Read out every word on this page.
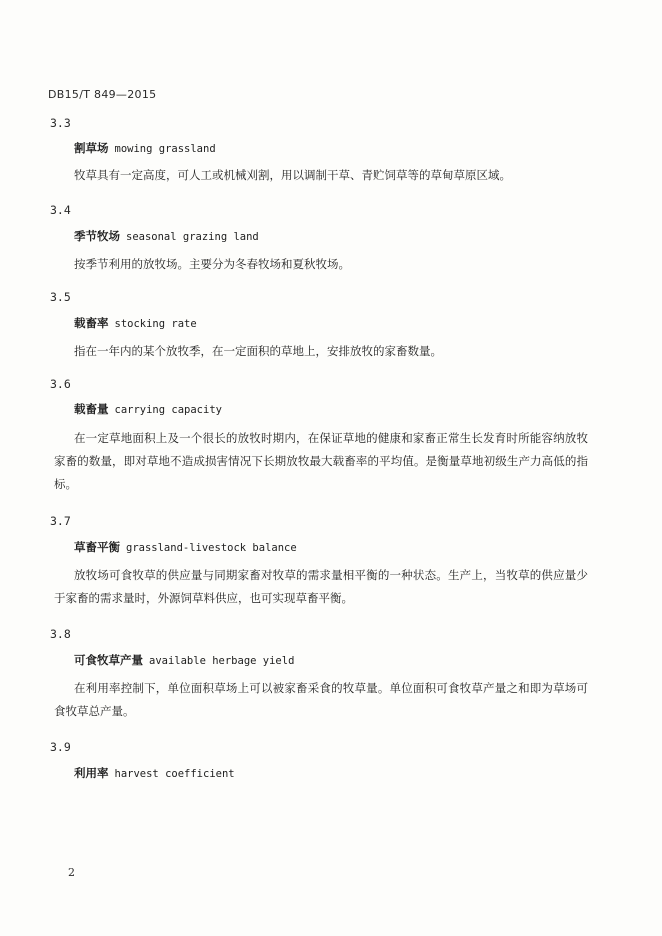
DB15/T 849—2015
3.3
割草场 mowing grassland
牧草具有一定高度，可人工或机械刈割，用以调制干草、青贮饲草等的草甸草原区域。
3.4
季节牧场 seasonal grazing land
按季节利用的放牧场。主要分为冬春牧场和夏秋牧场。
3.5
载畜率 stocking rate
指在一年内的某个放牧季，在一定面积的草地上，安排放牧的家畜数量。
3.6
载畜量 carrying capacity
在一定草地面积上及一个很长的放牧时期内，在保证草地的健康和家畜正常生长发育时所能容纳放牧家畜的数量，即对草地不造成损害情况下长期放牧最大载畜率的平均值。是衡量草地初级生产力高低的指标。
3.7
草畜平衡 grassland-livestock balance
放牧场可食牧草的供应量与同期家畜对牧草的需求量相平衡的一种状态。生产上，当牧草的供应量少于家畜的需求量时，外源饲草料供应，也可实现草畜平衡。
3.8
可食牧草产量 available herbage yield
在利用率控制下，单位面积草场上可以被家畜采食的牧草量。单位面积可食牧草产量之和即为草场可食牧草总产量。
3.9
利用率 harvest coefficient
2
